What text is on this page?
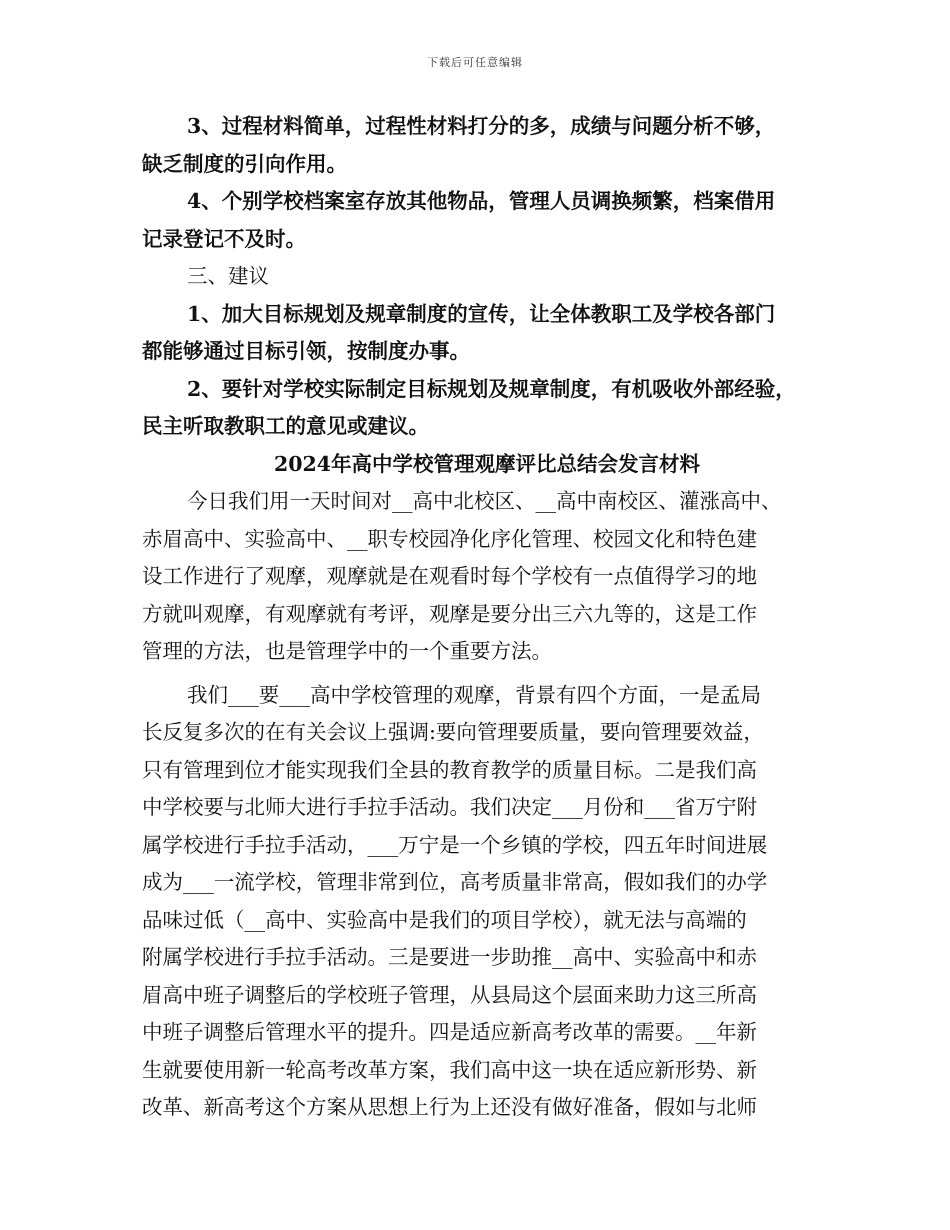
下载后可任意编辑
3、过程材料简单，过程性材料打分的多，成绩与问题分析不够，
缺乏制度的引向作用。
4、个别学校档案室存放其他物品，管理人员调换频繁，档案借用
记录登记不及时。
三、建议
1、加大目标规划及规章制度的宣传，让全体教职工及学校各部门
都能够通过目标引领，按制度办事。
2、要针对学校实际制定目标规划及规章制度，有机吸收外部经验，
民主听取教职工的意见或建议。
2024年高中学校管理观摩评比总结会发言材料
今日我们用一天时间对__高中北校区、__高中南校区、灌涨高中、
赤眉高中、实验高中、__职专校园净化序化管理、校园文化和特色建
设工作进行了观摩，观摩就是在观看时每个学校有一点值得学习的地
方就叫观摩，有观摩就有考评，观摩是要分出三六九等的，这是工作
管理的方法，也是管理学中的一个重要方法。
我们___要___高中学校管理的观摩，背景有四个方面，一是孟局
长反复多次的在有关会议上强调:要向管理要质量，要向管理要效益，
只有管理到位才能实现我们全县的教育教学的质量目标。二是我们高
中学校要与北师大进行手拉手活动。我们决定___月份和___省万宁附
属学校进行手拉手活动，___万宁是一个乡镇的学校，四五年时间进展
成为___一流学校，管理非常到位，高考质量非常高，假如我们的办学
品味过低（__高中、实验高中是我们的项目学校），就无法与高端的
附属学校进行手拉手活动。三是要进一步助推__高中、实验高中和赤
眉高中班子调整后的学校班子管理，从县局这个层面来助力这三所高
中班子调整后管理水平的提升。四是适应新高考改革的需要。__年新
生就要使用新一轮高考改革方案，我们高中这一块在适应新形势、新
改革、新高考这个方案从思想上行为上还没有做好准备，假如与北师
